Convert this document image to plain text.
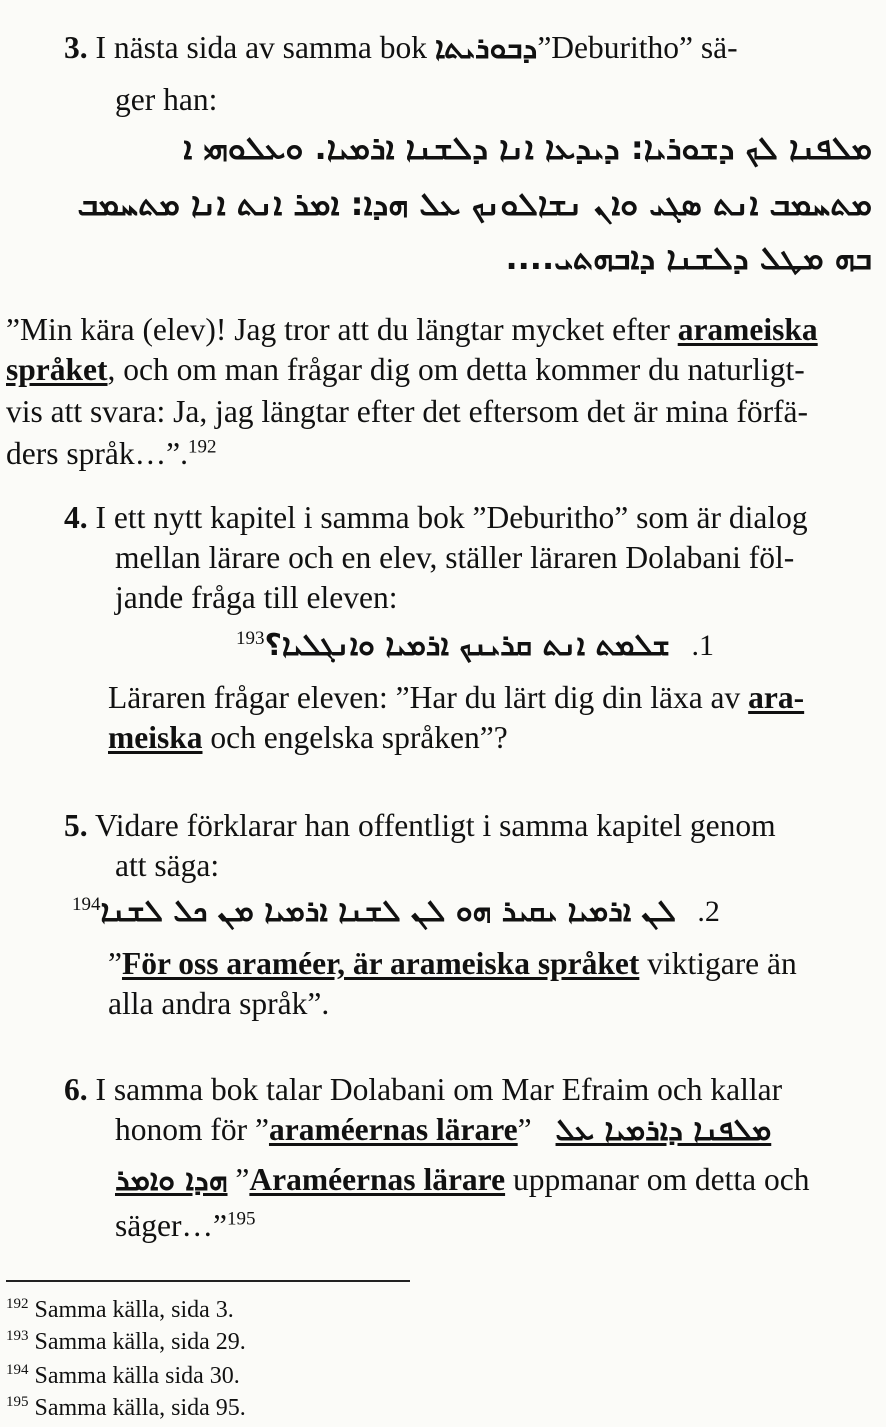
3. I nästa sida av samma bok ܕܒܘܪܝܬܐ”Deburitho” sä-
ger han:
ܡܠܦܢܐ ܠܟ ܕܫܘܪܝܐ: ܕܝܕܥܐ ܐܢܐ ܕܠܫܢܐ ܐܪܡܝܐ. ܘܥܠܘܗܝ ܐ
ܡܬܚܡܒ ܐܢܬ ܣܓܝ ܘܐܢ ܢܫܐܠܘܢܟ ܥܠ ܗܕܐ: ܐܡܪ ܐܢܬ ܐܢܐ ܡܬܚܡܒ
ܒܗ ܡܛܠ ܕܠܫܢܐ ܕܐܒܗܬܝ....
”Min kära (elev)! Jag tror att du längtar mycket efter arameiska
språket, och om man frågar dig om detta kommer du naturligt-
vis att svara: Ja, jag längtar efter det eftersom det är mina förfä-
ders språk…”.$^{192}$
4. I ett nytt kapitel i samma bok ”Deburitho” som är dialog
mellan lärare och en elev, ställer läraren Dolabani föl-
jande fråga till eleven:
$^{193}$ܫܠܡܬ ܐܢܬ ܩܪܝܢܟ ܐܪܡܝܐ ܘܐܢܓܠܝܐ؟ .1
Läraren frågar eleven: ”Har du lärt dig din läxa av ara-
meiska och engelska språken”?
5. Vidare förklarar han offentligt i samma kapitel genom
att säga:
$^{194}$ܠܢ ܐܪܡܝܐ ܝܩܝܪ ܗܘ ܠܢ ܠܫܢܐ ܐܪܡܝܐ ܡܢ ܟܠ ܠܫܢܐ .2
”För oss araméer, är arameiska språket viktigare än
alla andra språk”.
6. I samma bok talar Dolabani om Mar Efraim och kallar
honom för ”araméernas lärare” ܡܠܦܢܐ ܕܐܪܡܝܐ ܥܠ
ܗܕܐ ܘܐܡܪ ”Araméernas lärare uppmanar om detta och
säger…”$^{195}$
$^{192}$ Samma källa, sida 3.
$^{193}$ Samma källa, sida 29.
$^{194}$ Samma källa sida 30.
$^{195}$ Samma källa, sida 95.
